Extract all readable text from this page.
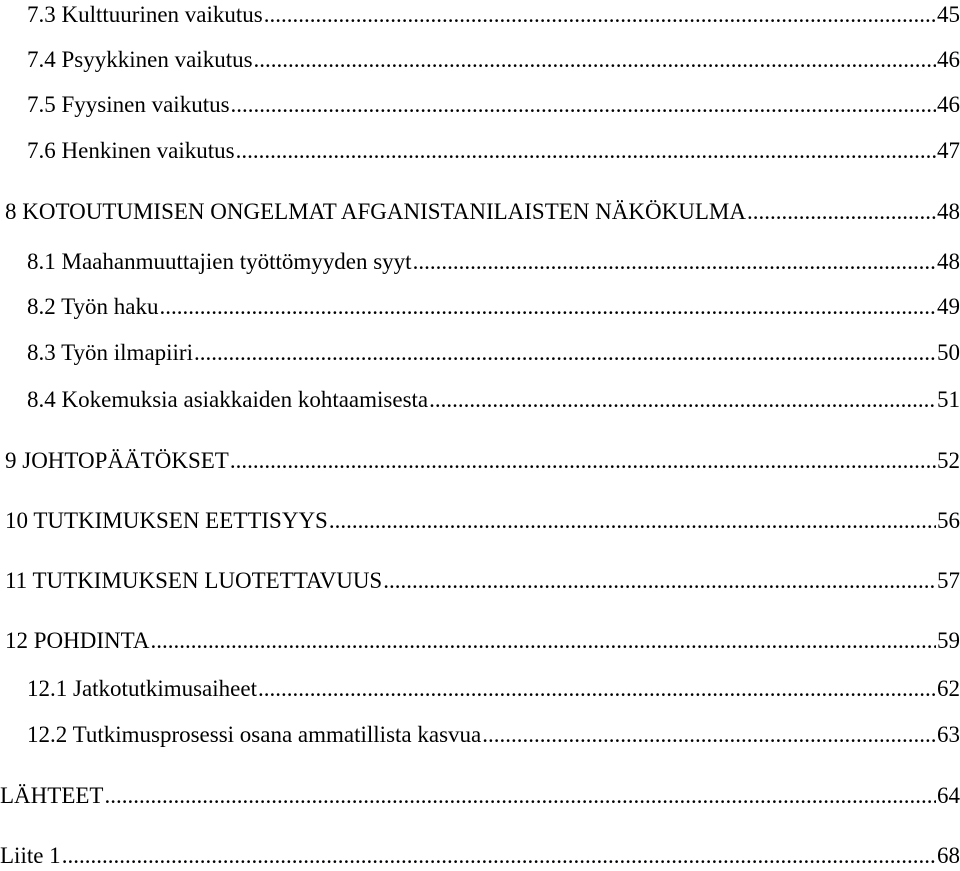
7.3 Kulttuurinen vaikutus .....	45
7.4 Psyykkinen vaikutus .....	46
7.5 Fyysinen vaikutus .....	46
7.6 Henkinen vaikutus .....	47
8 KOTOUTUMISEN ONGELMAT AFGANISTANILAISTEN NÄKÖKULMA .....	48
8.1 Maahanmuuttajien työttömyyden syyt .....	48
8.2 Työn haku .....	49
8.3 Työn ilmapiiri .....	50
8.4 Kokemuksia asiakkaiden kohtaamisesta .....	51
9 JOHTOPÄÄTÖKSET .....	52
10 TUTKIMUKSEN EETTISYYS .....	56
11 TUTKIMUKSEN LUOTETTAVUUS .....	57
12 POHDINTA .....	59
12.1 Jatkotutkimusaiheet .....	62
12.2 Tutkimusprosessi osana ammatillista kasvua .....	63
LÄHTEET .....	64
Liite 1 .....	68
